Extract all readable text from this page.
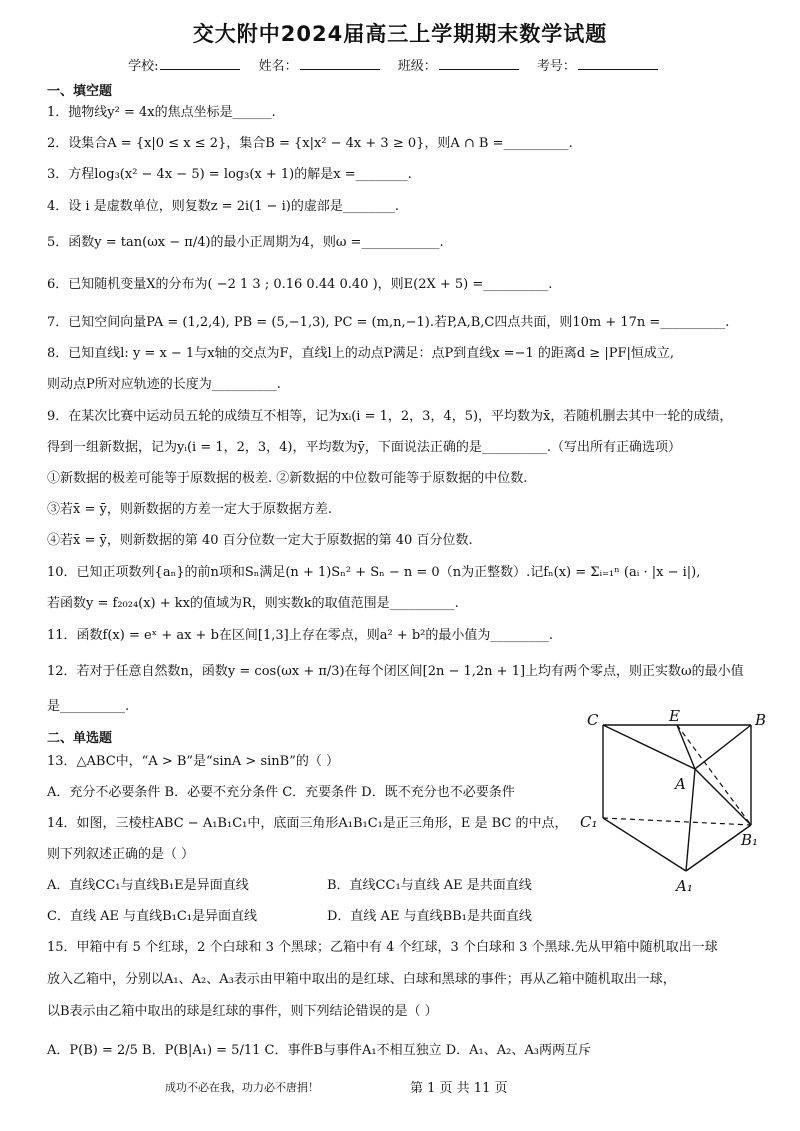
交大附中2024届高三上学期期末数学试题
学校:	姓名：	班级：	考号：
一、填空题
1．抛物线y² = 4x的焦点坐标是______.
2．设集合A = {x|0 ≤ x ≤ 2}，集合B = {x|x² − 4x + 3 ≥ 0}，则A ∩ B =__________.
3．方程log₃(x² − 4x − 5) = log₃(x + 1)的解是x =________.
4．设 i 是虚数单位，则复数z = 2i(1 − i)的虚部是________.
5．函数y = tan(ωx − π/4)的最小正周期为4，则ω =____________.
6．已知随机变量X的分布为( −2 1 3 ; 0.16 0.44 0.40 )，则E(2X + 5) =__________.
7．已知空间向量PA = (1,2,4), PB = (5,−1,3), PC = (m,n,−1).若P,A,B,C四点共面，则10m + 17n =__________.
8．已知直线l: y = x − 1与x轴的交点为F，直线l上的动点P满足：点P到直线x =−1 的距离d ≥ |PF|恒成立,
则动点P所对应轨迹的长度为__________.
9．在某次比赛中运动员五轮的成绩互不相等，记为xᵢ(i = 1，2，3，4，5)，平均数为x̄，若随机删去其中一轮的成绩，
得到一组新数据，记为yᵢ(i = 1，2，3，4)，平均数为ȳ，下面说法正确的是__________.（写出所有正确选项）
①新数据的极差可能等于原数据的极差. ②新数据的中位数可能等于原数据的中位数.
③若x̄ = ȳ，则新数据的方差一定大于原数据方差.
④若x̄ = ȳ，则新数据的第 40 百分位数一定大于原数据的第 40 百分位数.
10．已知正项数列{aₙ}的前n项和Sₙ满足(n + 1)Sₙ² + Sₙ − n = 0（n为正整数）.记fₙ(x) = Σᵢ₌₁ⁿ (aᵢ · |x − i|),
若函数y = f₂₀₂₄(x) + kx的值域为R，则实数k的取值范围是__________.
11．函数f(x) = eˣ + ax + b在区间[1,3]上存在零点，则a² + b²的最小值为_________.
12．若对于任意自然数n，函数y = cos(ωx + π/3)在每个闭区间[2n − 1,2n + 1]上均有两个零点，则正实数ω的最小值
是__________.
二、单选题
13．△ABC中，“A > B”是“sinA > sinB”的（ ）
A．充分不必要条件 B．必要不充分条件 C．充要条件 D．既不充分也不必要条件
14．如图，三棱柱ABC − A₁B₁C₁中，底面三角形A₁B₁C₁是正三角形，E 是 BC 的中点，
则下列叙述正确的是（ ）
A．直线CC₁与直线B₁E是异面直线	B．直线CC₁与直线 AE 是共面直线
C．直线 AE 与直线B₁C₁是异面直线	D．直线 AE 与直线BB₁是共面直线
15．甲箱中有 5 个红球，2 个白球和 3 个黑球；乙箱中有 4 个红球，3 个白球和 3 个黑球.先从甲箱中随机取出一球
放入乙箱中，分别以A₁、A₂、A₃表示由甲箱中取出的是红球、白球和黑球的事件；再从乙箱中随机取出一球，
以B表示由乙箱中取出的球是红球的事件，则下列结论错误的是（ ）
A．P(B) = 2/5 B．P(B|A₁) = 5/11 C．事件B与事件A₁不相互独立 D．A₁、A₂、A₃两两互斥
C	E	B
A
C₁
B₁
A₁
成功不必在我，功力必不唐捐！	第 1 页 共 11 页
